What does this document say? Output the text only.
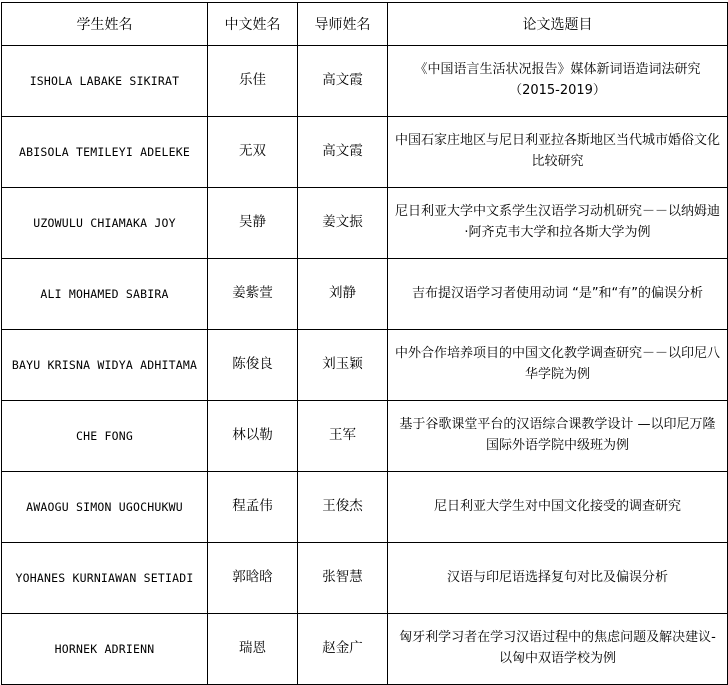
学生姓名	中文姓名	导师姓名	论文选题目
ISHOLA LABAKE SIKIRAT	乐佳	高文霞	《中国语言生活状况报告》媒体新词语造词法研究（2015-2019）
ABISOLA TEMILEYI ADELEKE	无双	高文霞	中国石家庄地区与尼日利亚拉各斯地区当代城市婚俗文化比较研究
UZOWULU CHIAMAKA JOY	吴静	姜文振	尼日利亚大学中文系学生汉语学习动机研究－－以纳姆迪·阿齐克韦大学和拉各斯大学为例
ALI MOHAMED SABIRA	姜紫萱	刘静	吉布提汉语学习者使用动词 “是”和“有”的偏误分析
BAYU KRISNA WIDYA ADHITAMA	陈俊良	刘玉颖	中外合作培养项目的中国文化教学调查研究－－以印尼八华学院为例
CHE FONG	林以勒	王军	基于谷歌课堂平台的汉语综合课教学设计 —以印尼万隆国际外语学院中级班为例
AWAOGU SIMON UGOCHUKWU	程孟伟	王俊杰	尼日利亚大学生对中国文化接受的调查研究
YOHANES KURNIAWAN SETIADI	郭晗晗	张智慧	汉语与印尼语选择复句对比及偏误分析
HORNEK ADRIENN	瑞恩	赵金广	匈牙利学习者在学习汉语过程中的焦虑问题及解决建议-以匈中双语学校为例
